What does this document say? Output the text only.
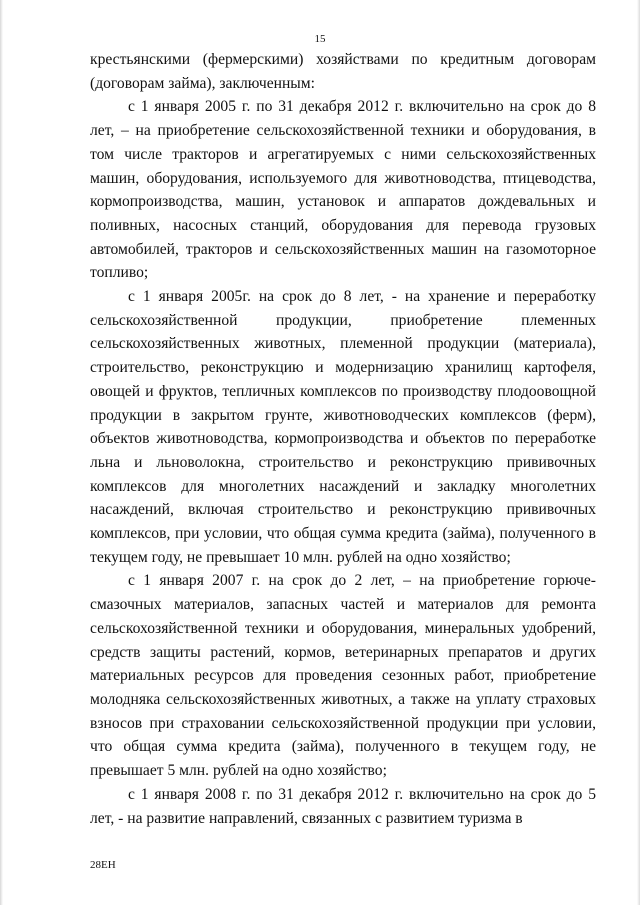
15

крестьянскими (фермерскими) хозяйствами по кредитным договорам (договорам займа), заключенным:

с 1 января 2005 г. по 31 декабря 2012 г. включительно на срок до 8 лет, – на приобретение сельскохозяйственной техники и оборудования, в том числе тракторов и агрегатируемых с ними сельскохозяйственных машин, оборудования, используемого для животноводства, птицеводства, кормопроизводства, машин, установок и аппаратов дождевальных и поливных, насосных станций, оборудования для перевода грузовых автомобилей, тракторов и сельскохозяйственных машин на газомоторное топливо;

с 1 января 2005г. на срок до 8 лет, - на хранение и переработку сельскохозяйственной продукции, приобретение племенных сельскохозяйственных животных, племенной продукции (материала), строительство, реконструкцию и модернизацию хранилищ картофеля, овощей и фруктов, тепличных комплексов по производству плодоовощной продукции в закрытом грунте, животноводческих комплексов (ферм), объектов животноводства, кормопроизводства и объектов по переработке льна и льноволокна, строительство и реконструкцию прививочных комплексов для многолетних насаждений и закладку многолетних насаждений, включая строительство и реконструкцию прививочных комплексов, при условии, что общая сумма кредита (займа), полученного в текущем году, не превышает 10 млн. рублей на одно хозяйство;

с 1 января 2007 г. на срок до 2 лет, – на приобретение горюче-смазочных материалов, запасных частей и материалов для ремонта сельскохозяйственной техники и оборудования, минеральных удобрений, средств защиты растений, кормов, ветеринарных препаратов и других материальных ресурсов для проведения сезонных работ, приобретение молодняка сельскохозяйственных животных, а также на уплату страховых взносов при страховании сельскохозяйственной продукции при условии, что общая сумма кредита (займа), полученного в текущем году, не превышает 5 млн. рублей на одно хозяйство;

с 1 января 2008 г. по 31 декабря 2012 г. включительно на срок до 5 лет, - на развитие направлений, связанных с развитием туризма в

28ЕН
